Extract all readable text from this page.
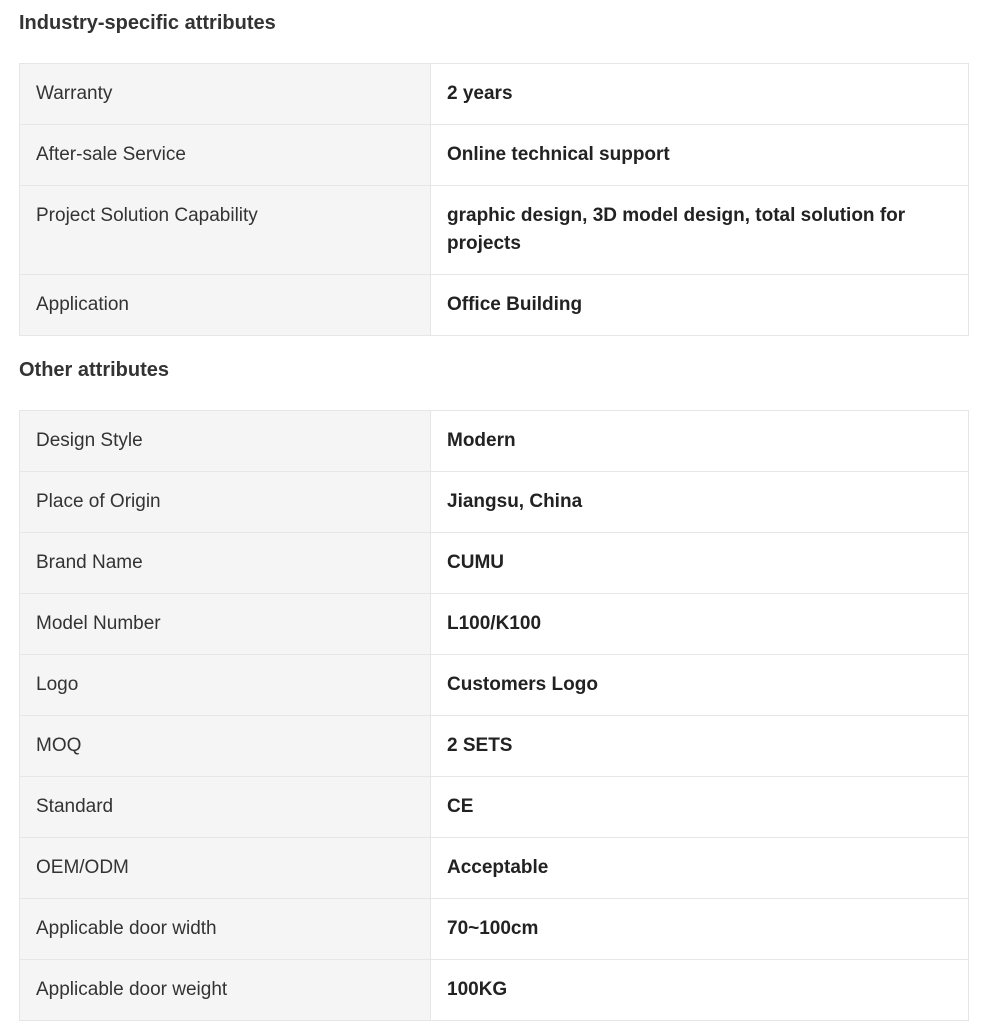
Industry-specific attributes
Warranty	2 years
After-sale Service	Online technical support
Project Solution Capability	graphic design, 3D model design, total solution for projects
Application	Office Building
Other attributes
Design Style	Modern
Place of Origin	Jiangsu, China
Brand Name	CUMU
Model Number	L100/K100
Logo	Customers Logo
MOQ	2 SETS
Standard	CE
OEM/ODM	Acceptable
Applicable door width	70~100cm
Applicable door weight	100KG
